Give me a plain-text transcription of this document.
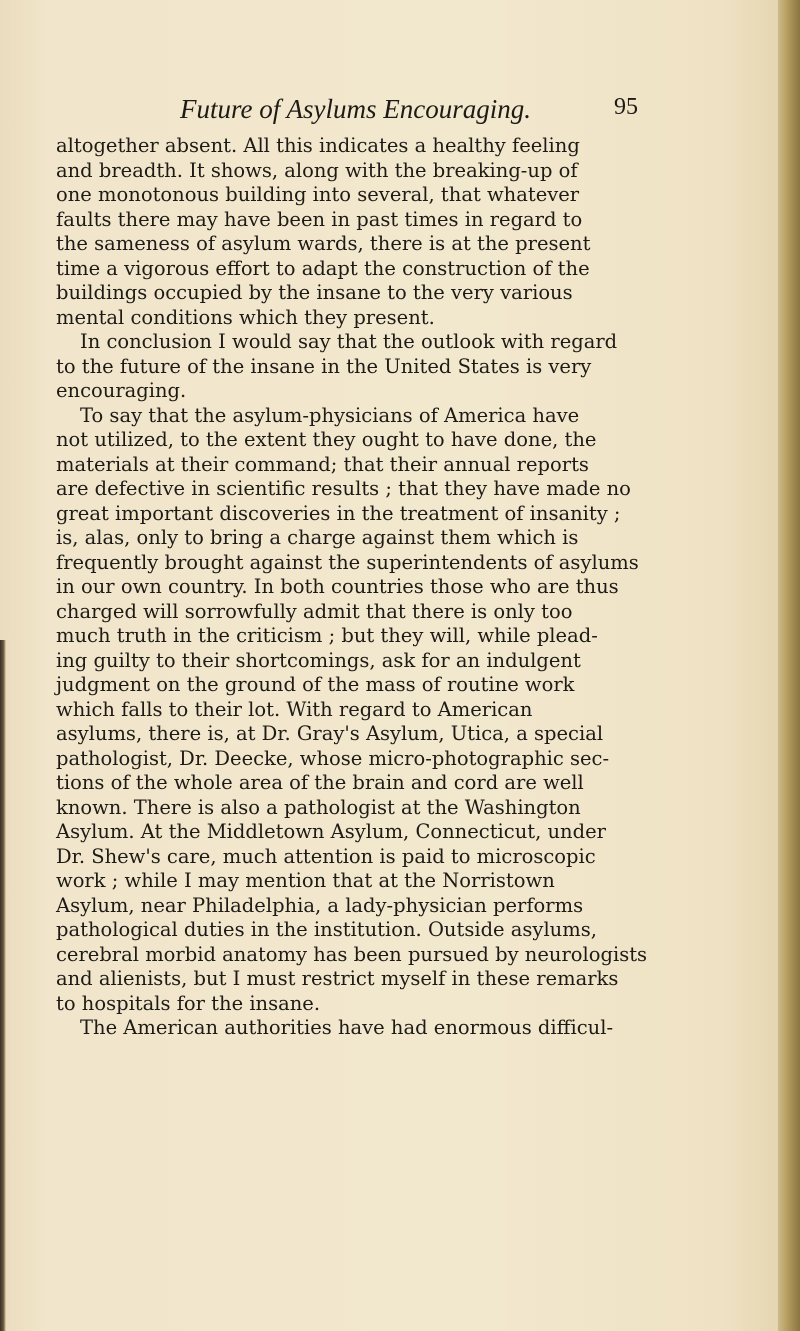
Future of Asylums Encouraging.	95
altogether absent. All this indicates a healthy feeling
and breadth. It shows, along with the breaking-up of
one monotonous building into several, that whatever
faults there may have been in past times in regard to
the sameness of asylum wards, there is at the present
time a vigorous effort to adapt the construction of the
buildings occupied by the insane to the very various
mental conditions which they present.
In conclusion I would say that the outlook with regard
to the future of the insane in the United States is very
encouraging.
To say that the asylum-physicians of America have
not utilized, to the extent they ought to have done, the
materials at their command; that their annual reports
are defective in scientific results ; that they have made no
great important discoveries in the treatment of insanity ;
is, alas, only to bring a charge against them which is
frequently brought against the superintendents of asylums
in our own country. In both countries those who are thus
charged will sorrowfully admit that there is only too
much truth in the criticism ; but they will, while plead-
ing guilty to their shortcomings, ask for an indulgent
judgment on the ground of the mass of routine work
which falls to their lot. With regard to American
asylums, there is, at Dr. Gray's Asylum, Utica, a special
pathologist, Dr. Deecke, whose micro-photographic sec-
tions of the whole area of the brain and cord are well
known. There is also a pathologist at the Washington
Asylum. At the Middletown Asylum, Connecticut, under
Dr. Shew's care, much attention is paid to microscopic
work ; while I may mention that at the Norristown
Asylum, near Philadelphia, a lady-physician performs
pathological duties in the institution. Outside asylums,
cerebral morbid anatomy has been pursued by neurologists
and alienists, but I must restrict myself in these remarks
to hospitals for the insane.
The American authorities have had enormous difficul-
